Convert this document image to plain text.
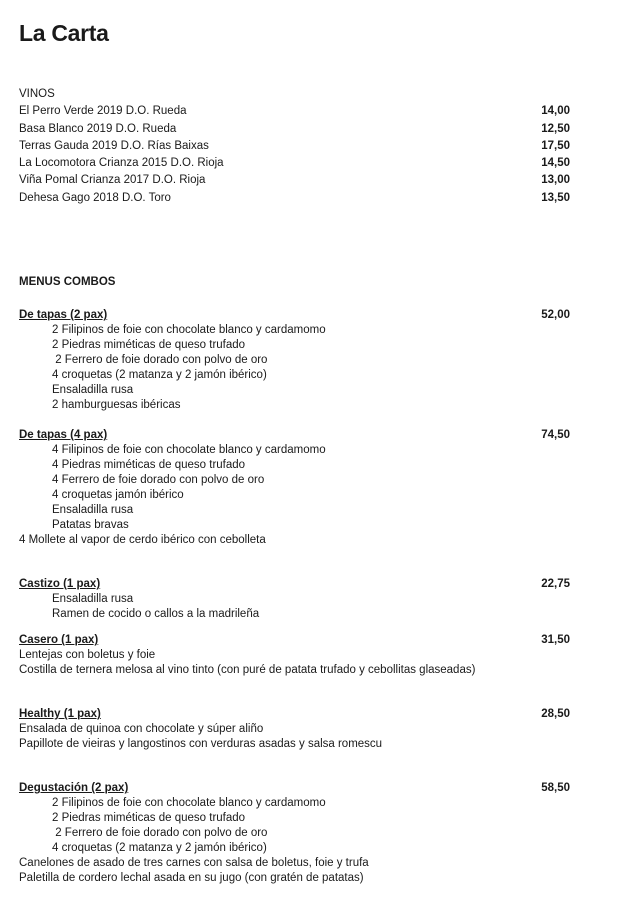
La Carta
VINOS
El Perro Verde 2019 D.O. Rueda	14,00
Basa Blanco 2019 D.O. Rueda	12,50
Terras Gauda 2019 D.O. Rías Baixas	17,50
La Locomotora Crianza 2015 D.O. Rioja	14,50
Viña Pomal Crianza 2017 D.O. Rioja	13,00
Dehesa Gago 2018 D.O. Toro	13,50
MENUS COMBOS
De tapas (2 pax)	52,00
2 Filipinos de foie con chocolate blanco y cardamomo
2 Piedras miméticas de queso trufado
2 Ferrero de foie dorado con polvo de oro
4 croquetas (2 matanza y 2 jamón ibérico)
Ensaladilla rusa
2 hamburguesas ibéricas
De tapas (4 pax)	74,50
4 Filipinos de foie con chocolate blanco y cardamomo
4 Piedras miméticas de queso trufado
4 Ferrero de foie dorado con polvo de oro
4 croquetas jamón ibérico
Ensaladilla rusa
Patatas bravas
4 Mollete al vapor de cerdo ibérico con cebolleta
Castizo (1 pax)	22,75
Ensaladilla rusa
Ramen de cocido o callos a la madrileña
Casero (1 pax)	31,50
Lentejas con boletus y foie
Costilla de ternera melosa al vino tinto (con puré de patata trufado y cebollitas glaseadas)
Healthy (1 pax)	28,50
Ensalada de quinoa con chocolate y súper aliño
Papillote de vieiras y langostinos con verduras asadas y salsa romescu
Degustación (2 pax)	58,50
2 Filipinos de foie con chocolate blanco y cardamomo
2 Piedras miméticas de queso trufado
2 Ferrero de foie dorado con polvo de oro
4 croquetas (2 matanza y 2 jamón ibérico)
Canelones de asado de tres carnes con salsa de boletus, foie y trufa
Paletilla de cordero lechal asada en su jugo (con gratén de patatas)
